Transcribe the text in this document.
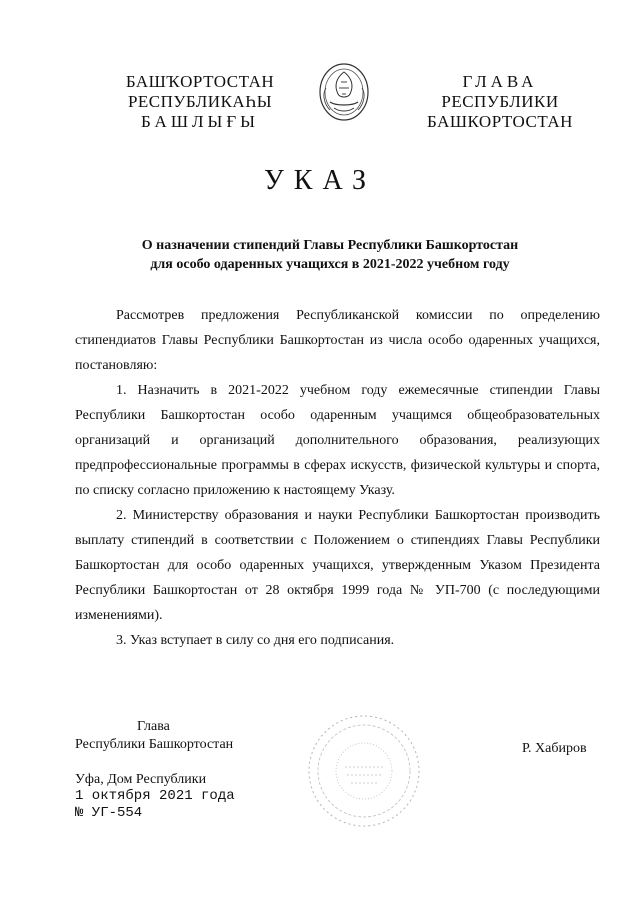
БАШҠОРТОСТАН
РЕСПУБЛИКАҺЫ
БАШЛЫҒЫ
ГЛАВА
РЕСПУБЛИКИ
БАШКОРТОСТАН
УКАЗ
О назначении стипендий Главы Республики Башкортостан
для особо одаренных учащихся в 2021-2022 учебном году

Рассмотрев предложения Республиканской комиссии по определению стипендиатов Главы Республики Башкортостан из числа особо одаренных учащихся, постановляю:

1. Назначить в 2021-2022 учебном году ежемесячные стипендии Главы Республики Башкортостан особо одаренным учащимся общеобразовательных организаций и организаций дополнительного образования, реализующих предпрофессиональные программы в сферах искусств, физической культуры и спорта, по списку согласно приложению к настоящему Указу.

2. Министерству образования и науки Республики Башкортостан производить выплату стипендий в соответствии с Положением о стипендиях Главы Республики Башкортостан для особо одаренных учащихся, утвержденным Указом Президента Республики Башкортостан от 28 октября 1999 года № УП-700 (с последующими изменениями).

3. Указ вступает в силу со дня его подписания.

Глава
Республики Башкортостан	Р. Хабиров
Уфа, Дом Республики
1 октября 2021 года
№ УГ-554
